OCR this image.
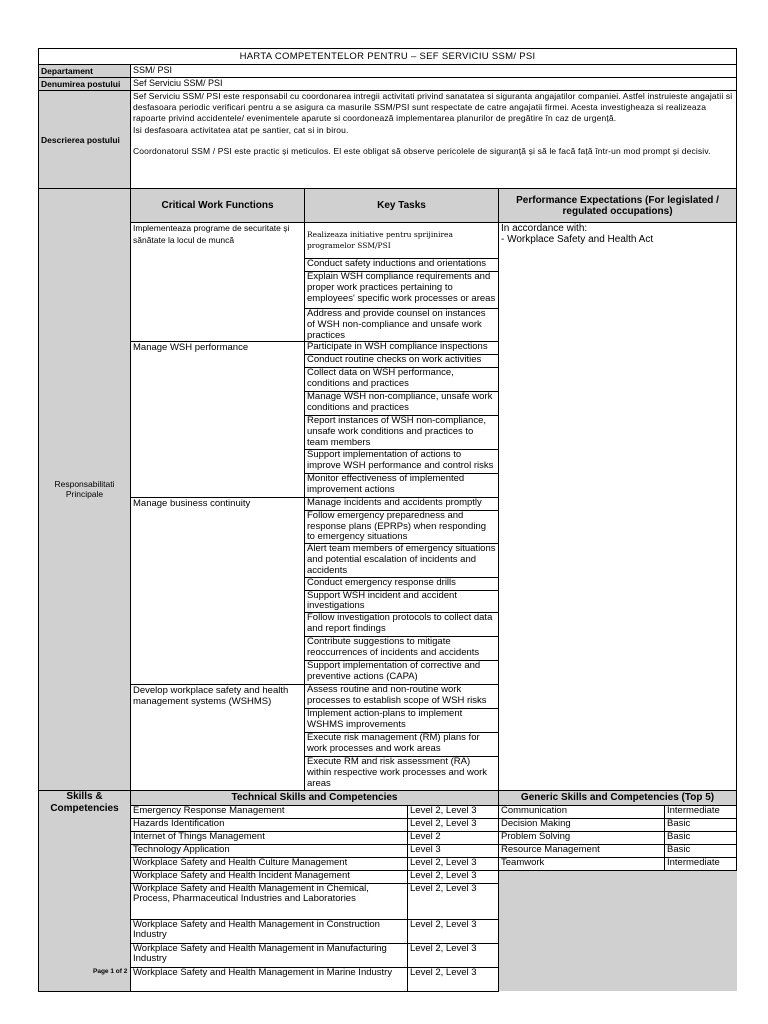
HARTA COMPETENTELOR PENTRU – SEF SERVICIU SSM/ PSI					
Departament	SSM/ PSI				
Denumirea postului	Sef Serviciu SSM/ PSI				
Descrierea postului	Sef Serviciu SSM/ PSI este responsabil cu coordonarea intregii activitati privind sanatatea si siguranta angajatilor companiei. Astfel instruieste angajatii si desfasoara periodic verificari pentru a se asigura ca masurile SSM/PSI sunt respectate de catre angajatii firmei. Acesta investigheaza si realizeaza rapoarte privind accidentele/ evenimentele aparute si coordonează implementarea planurilor de pregătire în caz de urgență.

Isi desfasoara activitatea atat pe santier, cat si in birou.

Coordonatorul SSM / PSI este practic și meticulos. El este obligat să observe pericolele de siguranță și să le facă față într-un mod prompt și decisiv.				

Responsabilitati Principale	Critical Work Functions	Key Tasks		Performance Expectations (For legislated / regulated occupations)	
	Implementeaza programe de securitate și sănătate la locul de muncă	Realizeaza initiative pentru sprijinirea programelor SSM/PSI		In accordance with:
- Workplace Safety and Health Act	
		Conduct safety inductions and orientations			
		Explain WSH compliance requirements and proper work practices pertaining to employees' specific work processes or areas			
		Address and provide counsel on instances of WSH non-compliance and unsafe work practices			
	Manage WSH performance	Participate in WSH compliance inspections			
		Conduct routine checks on work activities			
		Collect data on WSH performance, conditions and practices			
		Manage WSH non-compliance, unsafe work conditions and practices			
		Report instances of WSH non-compliance, unsafe work conditions and practices to team members			
		Support implementation of actions to improve WSH performance and control risks			
		Monitor effectiveness of implemented improvement actions			
	Manage business continuity	Manage incidents and accidents promptly			
		Follow emergency preparedness and response plans (EPRPs) when responding to emergency situations			
		Alert team members of emergency situations and potential escalation of incidents and accidents			
		Conduct emergency response drills			
		Support WSH incident and accident investigations			
		Follow investigation protocols to collect data and report findings			
		Contribute suggestions to mitigate reoccurrences of incidents and accidents			
		Support implementation of corrective and preventive actions (CAPA)			
	Develop workplace safety and health management systems (WSHMS)	Assess routine and non-routine work processes to establish scope of WSH risks			
		Implement action-plans to implement WSHMS improvements			
		Execute risk management (RM) plans for work processes and work areas			
		Execute RM and risk assessment (RA) within respective work processes and work areas			
Skills & Competencies	Technical Skills and Competencies			Generic Skills and Competencies (Top 5)	
	Emergency Response Management		Level 2, Level 3	Communication	Intermediate
	Hazards Identification		Level 2, Level 3	Decision Making	Basic
	Internet of Things Management		Level 2	Problem Solving	Basic
	Technology Application		Level 3	Resource Management	Basic
	Workplace Safety and Health Culture Management		Level 2, Level 3	Teamwork	Intermediate
	Workplace Safety and Health Incident Management		Level 2, Level 3		
	Workplace Safety and Health Management in Chemical, Process, Pharmaceutical Industries and Laboratories		Level 2, Level 3		
	Workplace Safety and Health Management in Construction Industry		Level 2, Level 3		
	Workplace Safety and Health Management in Manufacturing Industry		Level 2, Level 3		
	Workplace Safety and Health Management in Marine Industry		Level 2, Level 3		
Page 1 of 2
